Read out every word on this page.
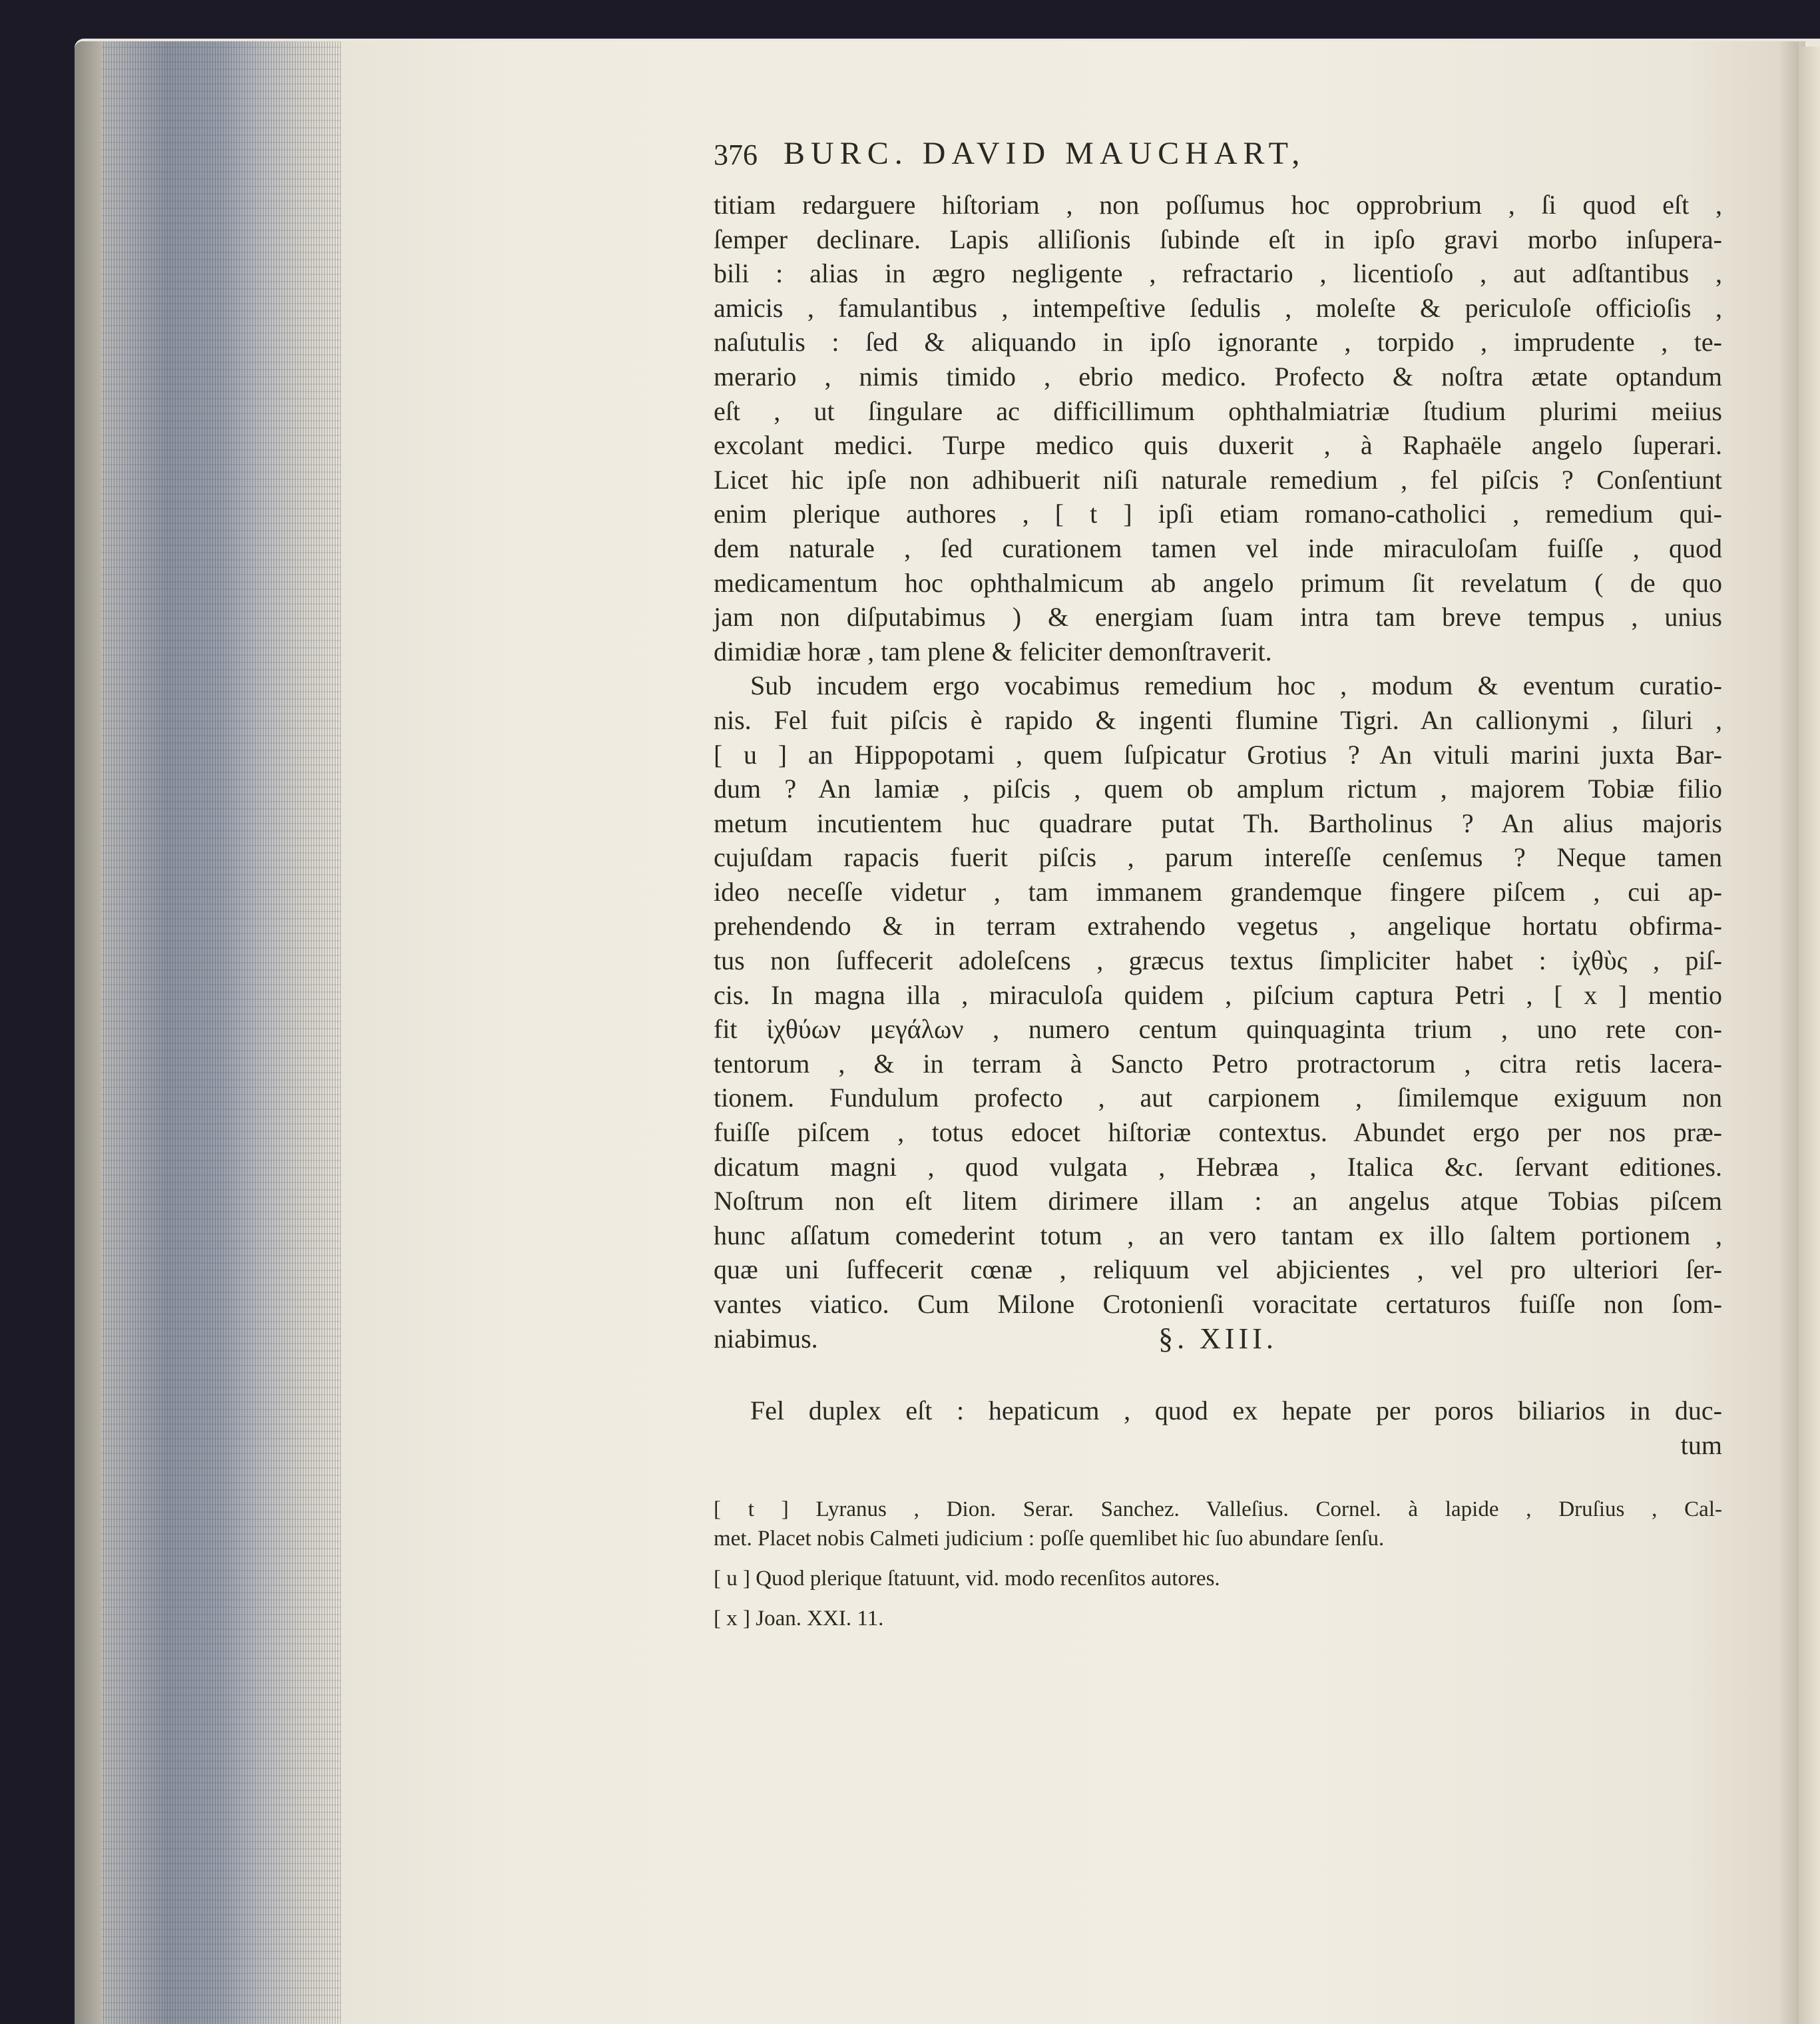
376 BURC. DAVID MAUCHART,
titiam redarguere hiſtoriam , non poſſumus hoc opprobrium , ſi quod eſt ,
ſemper declinare. Lapis alliſionis ſubinde eſt in ipſo gravi morbo inſupera-
bili : alias in ægro negligente , refractario , licentioſo , aut adſtantibus ,
amicis , famulantibus , intempeſtive ſedulis , moleſte & periculoſe officioſis ,
naſutulis : ſed & aliquando in ipſo ignorante , torpido , imprudente , te-
merario , nimis timido , ebrio medico. Profecto & noſtra ætate optandum
eſt , ut ſingulare ac difficillimum ophthalmiatriæ ſtudium plurimi meiius
excolant medici. Turpe medico quis duxerit , à Raphaële angelo ſuperari.
Licet hic ipſe non adhibuerit niſi naturale remedium , fel piſcis ? Conſentiunt
enim plerique authores , [ t ] ipſi etiam romano-catholici , remedium qui-
dem naturale , ſed curationem tamen vel inde miraculoſam fuiſſe , quod
medicamentum hoc ophthalmicum ab angelo primum ſit revelatum ( de quo
jam non diſputabimus ) & energiam ſuam intra tam breve tempus , unius
dimidiæ horæ , tam plene & feliciter demonſtraverit.
Sub incudem ergo vocabimus remedium hoc , modum & eventum curatio-
nis. Fel fuit piſcis è rapido & ingenti flumine Tigri. An callionymi , ſiluri ,
[ u ] an Hippopotami , quem ſuſpicatur Grotius ? An vituli marini juxta Bar-
dum ? An lamiæ , piſcis , quem ob amplum rictum , majorem Tobiæ filio
metum incutientem huc quadrare putat Th. Bartholinus ? An alius majoris
cujuſdam rapacis fuerit piſcis , parum intereſſe cenſemus ? Neque tamen
ideo neceſſe videtur , tam immanem grandemque fingere piſcem , cui ap-
prehendendo & in terram extrahendo vegetus , angelique hortatu obfirma-
tus non ſuffecerit adoleſcens , græcus textus ſimpliciter habet : ἰχθὺς , piſ-
cis. In magna illa , miraculoſa quidem , piſcium captura Petri , [ x ] mentio
fit ἰχθύων μεγάλων , numero centum quinquaginta trium , uno rete con-
tentorum , & in terram à Sancto Petro protractorum , citra retis lacera-
tionem. Fundulum profecto , aut carpionem , ſimilemque exiguum non
fuiſſe piſcem , totus edocet hiſtoriæ contextus. Abundet ergo per nos præ-
dicatum magni , quod vulgata , Hebræa , Italica &c. ſervant editiones.
Noſtrum non eſt litem dirimere illam : an angelus atque Tobias piſcem
hunc aſſatum comederint totum , an vero tantam ex illo ſaltem portionem ,
quæ uni ſuffecerit cœnæ , reliquum vel abjicientes , vel pro ulteriori ſer-
vantes viatico. Cum Milone Crotonienſi voracitate certaturos fuiſſe non ſom-
niabimus.	§. XIII.
Fel duplex eſt : hepaticum , quod ex hepate per poros biliarios in duc-
tum
[ t ] Lyranus , Dion. Serar. Sanchez. Valleſius. Cornel. à lapide , Druſius , Cal-
met. Placet nobis Calmeti judicium : poſſe quemlibet hic ſuo abundare ſenſu.
[ u ] Quod plerique ſtatuunt, vid. modo recenſitos autores.
[ x ] Joan. XXI. 11.
